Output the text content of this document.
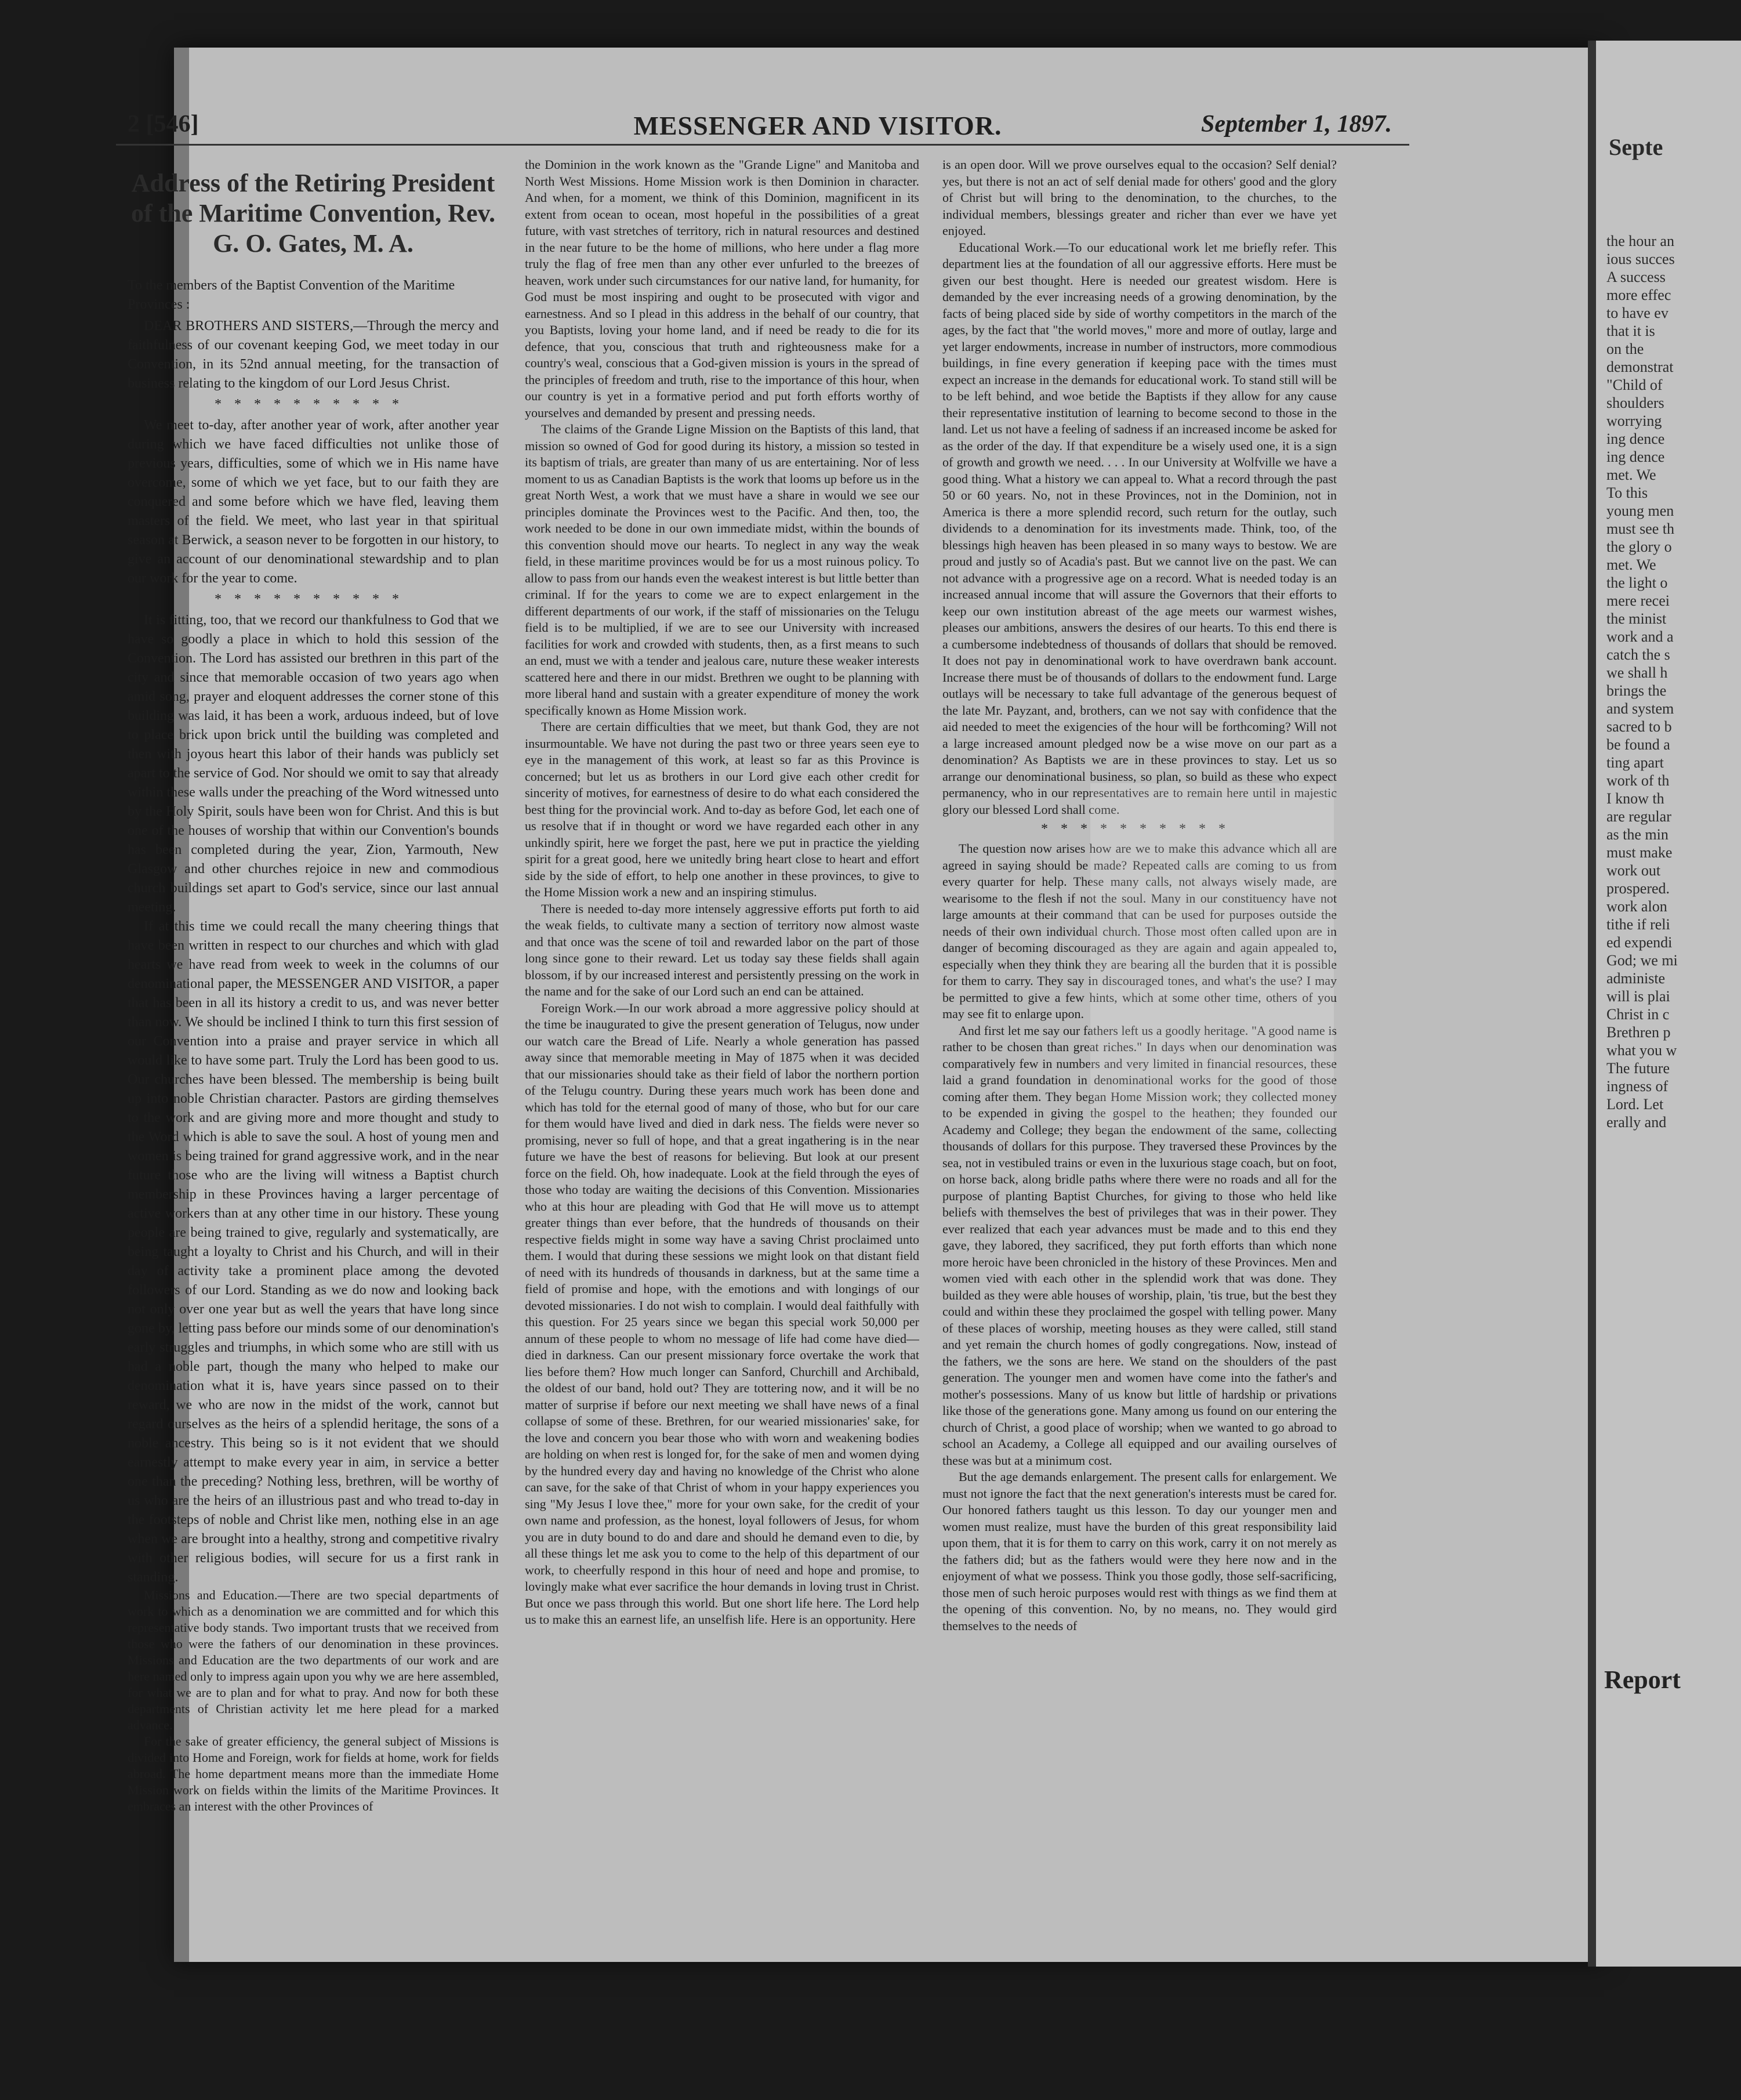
2 [546]	MESSENGER AND VISITOR.	September 1, 1897.
Address of the Retiring President of the Maritime Convention, Rev. G. O. Gates, M. A.

To the members of the Baptist Convention of the Maritime Provinces :

DEAR BROTHERS AND SISTERS,—Through the mercy and faithfulness of our covenant keeping God, we meet today in our Convention, in its 52nd annual meeting, for the transaction of business relating to the kingdom of our Lord Jesus Christ.

**********

We meet to-day, after another year of work, after another year during which we have faced difficulties not unlike those of previous years, difficulties, some of which we in His name have overcome, some of which we yet face, but to our faith they are conquered and some before which we have fled, leaving them masters of the field. We meet, who last year in that spiritual season at Berwick, a season never to be forgotten in our history, to give an account of our denominational stewardship and to plan our work for the year to come.

**********

It is fitting, too, that we record our thankfulness to God that we have so goodly a place in which to hold this session of the Convention. The Lord has assisted our brethren in this part of the city and since that memorable occasion of two years ago when amid song, prayer and eloquent addresses the corner stone of this building was laid, it has been a work, arduous indeed, but of love to place brick upon brick until the building was completed and then with joyous heart this labor of their hands was publicly set apart to the service of God. Nor should we omit to say that already within these walls under the preaching of the Word witnessed unto by the Holy Spirit, souls have been won for Christ. And this is but one of the houses of worship that within our Convention's bounds has been completed during the year, Zion, Yarmouth, New Glasgow and other churches rejoice in new and commodious church buildings set apart to God's service, since our last annual meeting.

If at this time we could recall the many cheering things that have been written in respect to our churches and which with glad hearts we have read from week to week in the columns of our denominational paper, the MESSENGER AND VISITOR, a paper that has been in all its history a credit to us, and was never better than now. We should be inclined I think to turn this first session of our Convention into a praise and prayer service in which all would like to have some part. Truly the Lord has been good to us. Our churches have been blessed. The membership is being built up into noble Christian character. Pastors are girding themselves to the work and are giving more and more thought and study to the Word which is able to save the soul. A host of young men and women is being trained for grand aggressive work, and in the near future those who are the living will witness a Baptist church membership in these Provinces having a larger percentage of active workers than at any other time in our history. These young people are being trained to give, regularly and systematically, are being taught a loyalty to Christ and his Church, and will in their day of activity take a prominent place among the devoted followers of our Lord. Standing as we do now and looking back not only over one year but as well the years that have long since gone by, letting pass before our minds some of our denomination's early struggles and triumphs, in which some who are still with us had a noble part, though the many who helped to make our denomination what it is, have years since passed on to their reward, we who are now in the midst of the work, cannot but regard ourselves as the heirs of a splendid heritage, the sons of a noble ancestry. This being so is it not evident that we should earnestly attempt to make every year in aim, in service a better one than the preceding? Nothing less, brethren, will be worthy of us who are the heirs of an illustrious past and who tread to-day in the footsteps of noble and Christ like men, nothing else in an age when we are brought into a healthy, strong and competitive rivalry with other religious bodies, will secure for us a first rank in standing.

Missions and Education.—There are two special departments of work to which as a denomination we are committed and for which this representative body stands. Two important trusts that we received from those who were the fathers of our denomination in these provinces. Missions and Education are the two departments of our work and are here named only to impress again upon you why we are here assembled, for what we are to plan and for what to pray. And now for both these departments of Christian activity let me here plead for a marked advance.

For the sake of greater efficiency, the general subject of Missions is divided into Home and Foreign, work for fields at home, work for fields abroad. The home department means more than the immediate Home Mission work on fields within the limits of the Maritime Provinces. It embraces an interest with the other Provinces of

the Dominion in the work known as the "Grande Ligne" and Manitoba and North West Missions. Home Mission work is then Dominion in character. And when, for a moment, we think of this Dominion, magnificent in its extent from ocean to ocean, most hopeful in the possibilities of a great future, with vast stretches of territory, rich in natural resources and destined in the near future to be the home of millions, who here under a flag more truly the flag of free men than any other ever unfurled to the breezes of heaven, work under such circumstances for our native land, for humanity, for God must be most inspiring and ought to be prosecuted with vigor and earnestness. And so I plead in this address in the behalf of our country, that you Baptists, loving your home land, and if need be ready to die for its defence, that you, conscious that truth and righteousness make for a country's weal, conscious that a God-given mission is yours in the spread of the principles of freedom and truth, rise to the importance of this hour, when our country is yet in a formative period and put forth efforts worthy of yourselves and demanded by present and pressing needs.

The claims of the Grande Ligne Mission on the Baptists of this land, that mission so owned of God for good during its history, a mission so tested in its baptism of trials, are greater than many of us are entertaining. Nor of less moment to us as Canadian Baptists is the work that looms up before us in the great North West, a work that we must have a share in would we see our principles dominate the Provinces west to the Pacific. And then, too, the work needed to be done in our own immediate midst, within the bounds of this convention should move our hearts. To neglect in any way the weak field, in these maritime provinces would be for us a most ruinous policy. To allow to pass from our hands even the weakest interest is but little better than criminal. If for the years to come we are to expect enlargement in the different departments of our work, if the staff of missionaries on the Telugu field is to be multiplied, if we are to see our University with increased facilities for work and crowded with students, then, as a first means to such an end, must we with a tender and jealous care, nuture these weaker interests scattered here and there in our midst. Brethren we ought to be planning with more liberal hand and sustain with a greater expenditure of money the work specifically known as Home Mission work.

There are certain difficulties that we meet, but thank God, they are not insurmountable. We have not during the past two or three years seen eye to eye in the management of this work, at least so far as this Province is concerned; but let us as brothers in our Lord give each other credit for sincerity of motives, for earnestness of desire to do what each considered the best thing for the provincial work. And to-day as before God, let each one of us resolve that if in thought or word we have regarded each other in any unkindly spirit, here we forget the past, here we put in practice the yielding spirit for a great good, here we unitedly bring heart close to heart and effort side by the side of effort, to help one another in these provinces, to give to the Home Mission work a new and an inspiring stimulus.

There is needed to-day more intensely aggressive efforts put forth to aid the weak fields, to cultivate many a section of territory now almost waste and that once was the scene of toil and rewarded labor on the part of those long since gone to their reward. Let us today say these fields shall again blossom, if by our increased interest and persistently pressing on the work in the name and for the sake of our Lord such an end can be attained.

Foreign Work.—In our work abroad a more aggressive policy should at the time be inaugurated to give the present generation of Telugus, now under our watch care the Bread of Life. Nearly a whole generation has passed away since that memorable meeting in May of 1875 when it was decided that our missionaries should take as their field of labor the northern portion of the Telugu country. During these years much work has been done and which has told for the eternal good of many of those, who but for our care for them would have lived and died in dark ness. The fields were never so promising, never so full of hope, and that a great ingathering is in the near future we have the best of reasons for believing. But look at our present force on the field. Oh, how inadequate. Look at the field through the eyes of those who today are waiting the decisions of this Convention. Missionaries who at this hour are pleading with God that He will move us to attempt greater things than ever before, that the hundreds of thousands on their respective fields might in some way have a saving Christ proclaimed unto them. I would that during these sessions we might look on that distant field of need with its hundreds of thousands in darkness, but at the same time a field of promise and hope, with the emotions and with longings of our devoted missionaries. I do not wish to complain. I would deal faithfully with this question. For 25 years since we began this special work 50,000 per annum of these people to whom no message of life had come have died—died in darkness. Can our present missionary force overtake the work that lies before them? How much longer can Sanford, Churchill and Archibald, the oldest of our band, hold out? They are tottering now, and it will be no matter of surprise if before our next meeting we shall have news of a final collapse of some of these. Brethren, for our wearied missionaries' sake, for the love and concern you bear those who with worn and weakening bodies are holding on when rest is longed for, for the sake of men and women dying by the hundred every day and having no knowledge of the Christ who alone can save, for the sake of that Christ of whom in your happy experiences you sing "My Jesus I love thee," more for your own sake, for the credit of your own name and profession, as the honest, loyal followers of Jesus, for whom you are in duty bound to do and dare and should he demand even to die, by all these things let me ask you to come to the help of this department of our work, to cheerfully respond in this hour of need and hope and promise, to lovingly make what ever sacrifice the hour demands in loving trust in Christ. But once we pass through this world. But one short life here. The Lord help us to make this an earnest life, an unselfish life. Here is an opportunity. Here

is an open door. Will we prove ourselves equal to the occasion? Self denial? yes, but there is not an act of self denial made for others' good and the glory of Christ but will bring to the denomination, to the churches, to the individual members, blessings greater and richer than ever we have yet enjoyed.

Educational Work.—To our educational work let me briefly refer. This department lies at the foundation of all our aggressive efforts. Here must be given our best thought. Here is needed our greatest wisdom. Here is demanded by the ever increasing needs of a growing denomination, by the facts of being placed side by side of worthy competitors in the march of the ages, by the fact that "the world moves," more and more of outlay, large and yet larger endowments, increase in number of instructors, more commodious buildings, in fine every generation if keeping pace with the times must expect an increase in the demands for educational work. To stand still will be to be left behind, and woe betide the Baptists if they allow for any cause their representative institution of learning to become second to those in the land. Let us not have a feeling of sadness if an increased income be asked for as the order of the day. If that expenditure be a wisely used one, it is a sign of growth and growth we need. . . . In our University at Wolfville we have a good thing. What a history we can appeal to. What a record through the past 50 or 60 years. No, not in these Provinces, not in the Dominion, not in America is there a more splendid record, such return for the outlay, such dividends to a denomination for its investments made. Think, too, of the blessings high heaven has been pleased in so many ways to bestow. We are proud and justly so of Acadia's past. But we cannot live on the past. We can not advance with a progressive age on a record. What is needed today is an increased annual income that will assure the Governors that their efforts to keep our own institution abreast of the age meets our warmest wishes, pleases our ambitions, answers the desires of our hearts. To this end there is a cumbersome indebtedness of thousands of dollars that should be removed. It does not pay in denominational work to have overdrawn bank account. Increase there must be of thousands of dollars to the endowment fund. Large outlays will be necessary to take full advantage of the generous bequest of the late Mr. Payzant, and, brothers, can we not say with confidence that the aid needed to meet the exigencies of the hour will be forthcoming? Will not a large increased amount pledged now be a wise move on our part as a denomination? As Baptists we are in these provinces to stay. Let us so arrange our denominational business, so plan, so build as these who expect permanency, who in our representatives are to remain here until in majestic glory our blessed Lord shall come.

**********

The question now arises how are we to make this advance which all are agreed in saying should be made? Repeated calls are coming to us from every quarter for help. These many calls, not always wisely made, are wearisome to the flesh if not the soul. Many in our constituency have not large amounts at their command that can be used for purposes outside the needs of their own individual church. Those most often called upon are in danger of becoming discouraged as they are again and again appealed to, especially when they think they are bearing all the burden that it is possible for them to carry. They say in discouraged tones, and what's the use? I may be permitted to give a few hints, which at some other time, others of you may see fit to enlarge upon.

And first let me say our fathers left us a goodly heritage. "A good name is rather to be chosen than great riches." In days when our denomination was comparatively few in numbers and very limited in financial resources, these laid a grand foundation in denominational works for the good of those coming after them. They began Home Mission work; they collected money to be expended in giving the gospel to the heathen; they founded our Academy and College; they began the endowment of the same, collecting thousands of dollars for this purpose. They traversed these Provinces by the sea, not in vestibuled trains or even in the luxurious stage coach, but on foot, on horse back, along bridle paths where there were no roads and all for the purpose of planting Baptist Churches, for giving to those who held like beliefs with themselves the best of privileges that was in their power. They ever realized that each year advances must be made and to this end they gave, they labored, they sacrificed, they put forth efforts than which none more heroic have been chronicled in the history of these Provinces. Men and women vied with each other in the splendid work that was done. They builded as they were able houses of worship, plain, 'tis true, but the best they could and within these they proclaimed the gospel with telling power. Many of these places of worship, meeting houses as they were called, still stand and yet remain the church homes of godly congregations. Now, instead of the fathers, we the sons are here. We stand on the shoulders of the past generation. The younger men and women have come into the father's and mother's possessions. Many of us know but little of hardship or privations like those of the generations gone. Many among us found on our entering the church of Christ, a good place of worship; when we wanted to go abroad to school an Academy, a College all equipped and our availing ourselves of these was but at a minimum cost.

But the age demands enlargement. The present calls for enlargement. We must not ignore the fact that the next generation's interests must be cared for. Our honored fathers taught us this lesson. To day our younger men and women must realize, must have the burden of this great responsibility laid upon them, that it is for them to carry on this work, carry it on not merely as the fathers did; but as the fathers would were they here now and in the enjoyment of what we possess. Think you those godly, those self-sacrificing, those men of such heroic purposes would rest with things as we find them at the opening of this convention. No, by no means, no. They would gird themselves to the needs of

Septe
the hour an
ious succes
A success
more effec
to have ev
that it is
on the
demonstrat
"Child of
shoulders
worrying
ing dence
ing dence
met. We
To this
young men
must see th
the glory o
met. We
the light o
mere recei
the minist
work and a
catch the s
we shall h
brings the
and system
sacred to b
be found a
ting apart
work of th
I know th
are regular
as the min
must make
work out
prospered.
work alon
tithe if reli
ed expendi
God; we mi
administe
will is plai
Christ in c
Brethren p
what you w
The future
ingness of
Lord. Let
erally and
Report
